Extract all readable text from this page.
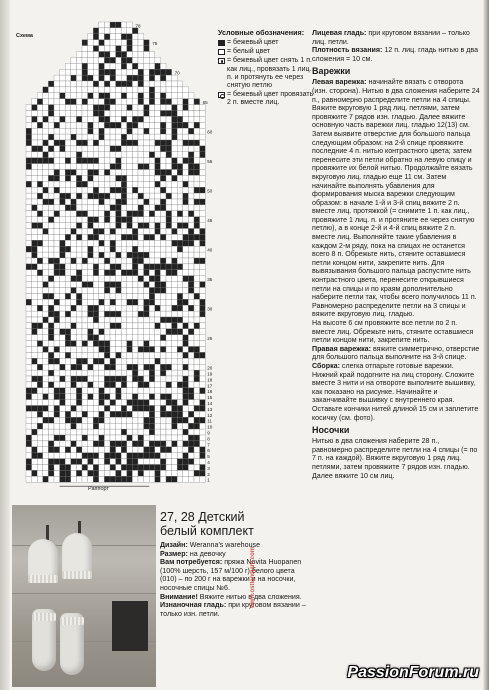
60
55
50
45
40
35
30
25
20
19
18
17
16
15
14
13
12
11
10
9
8
7
6
5
4
3
2
1
78
75
70
65
Схема
Раппорт
Условные обозначения:
= бежевый цвет
= белый цвет
= бежевый цвет снять 1 п. как лиц., провязать 1 лиц. п. и протянуть ее через снятую петлю
= бежевый цвет провязать 2 п. вместе лиц.

Лицевая гладь: при круговом вязании – только лиц. петли.

Плотность вязания: 12 п. лиц. гладь нитью в два сложения = 10 см.

Варежки

Левая варежка: начинайте вязать с отворота (изн. сторона). Нитью в два сложения наберите 24 п., равномерно распределите петли на 4 спицы. Вяжите вкруговую 1 ряд лиц. петлями, затем провяжите 7 рядов изн. гладью. Далее вяжите основную часть варежки лиц. гладью 12(13) см. Затем выявите отверстие для большого пальца следующим образом: на 2-й спице провяжите последние 4 п. нитью контрастного цвета; затем перенесите эти петли обратно на левую спицу и провяжите их белой нитью. Продолжайте вязать вкруговую лиц. гладью еще 11 см. Затем начинайте выполнять убавления для формирования мыска варежки следующим образом: в начале 1-й и 3-й спиц вяжите 2 п. вместе лиц. протяжкой (= снимите 1 п. как лиц., провяжите 1 лиц. п. и протяните ее через снятую петлю), а в конце 2-й и 4-й спиц вяжите 2 п. вместе лиц. Выполняйте такие убавления в каждом 2-м ряду, пока на спицах не останется всего 8 п. Обрежьте нить, стяните оставшиеся петли концом нити, закрепите нить. Для вывязывания большого пальца распустите нить контрастного цвета, перенесите открывшиеся петли на спицы и по краям дополнительно наберите петли так, чтобы всего получилось 11 п. Равномерно распределите петли на 3 спицы и вяжите вкруговую лиц. гладью.

На высоте 6 см провяжите все петли по 2 п. вместе лиц. Обрежьте нить, стяните оставшиеся петли концом нити, закрепите нить.

Правая варежка: вяжите симметрично, отверстие для большого пальца выполните на 3-й спице.

Сборка: слегка отпарьте готовые варежки. Нижний край подогните на лиц сторону. Сложите вместе 3 нити и на отвороте выполните вышивку, как показано на рисунке. Начинайте и заканчивайте вышивку с внутреннего края. Оставьте кончики нитей длиной 15 см и заплетите косичку (см. фото).

Носочки

Нитью в два сложения наберите 28 п., равномерно распределите петли на 4 спицы (= по 7 п. на каждой). Вяжите вкруговую 1 ряд лиц. петлями, затем провяжите 7 рядов изн. гладью. Далее вяжите 10 см лиц.

27, 28 Детский
белый комплект

Дизайн: Weranna's warehouse

Размер: на девочку

Вам потребуется: пряжа Novita Huopanen (100% шерсть, 157 м/100 г) белого цвета (010) – по 200 г на варежки и на носочки, носочные спицы №6.

Внимание! Вяжите нитью в два сложения.

Изнаночная гладь: при круговом вязании – только изн. петли.

www.ostlandjam.com
PassionForum.ru
